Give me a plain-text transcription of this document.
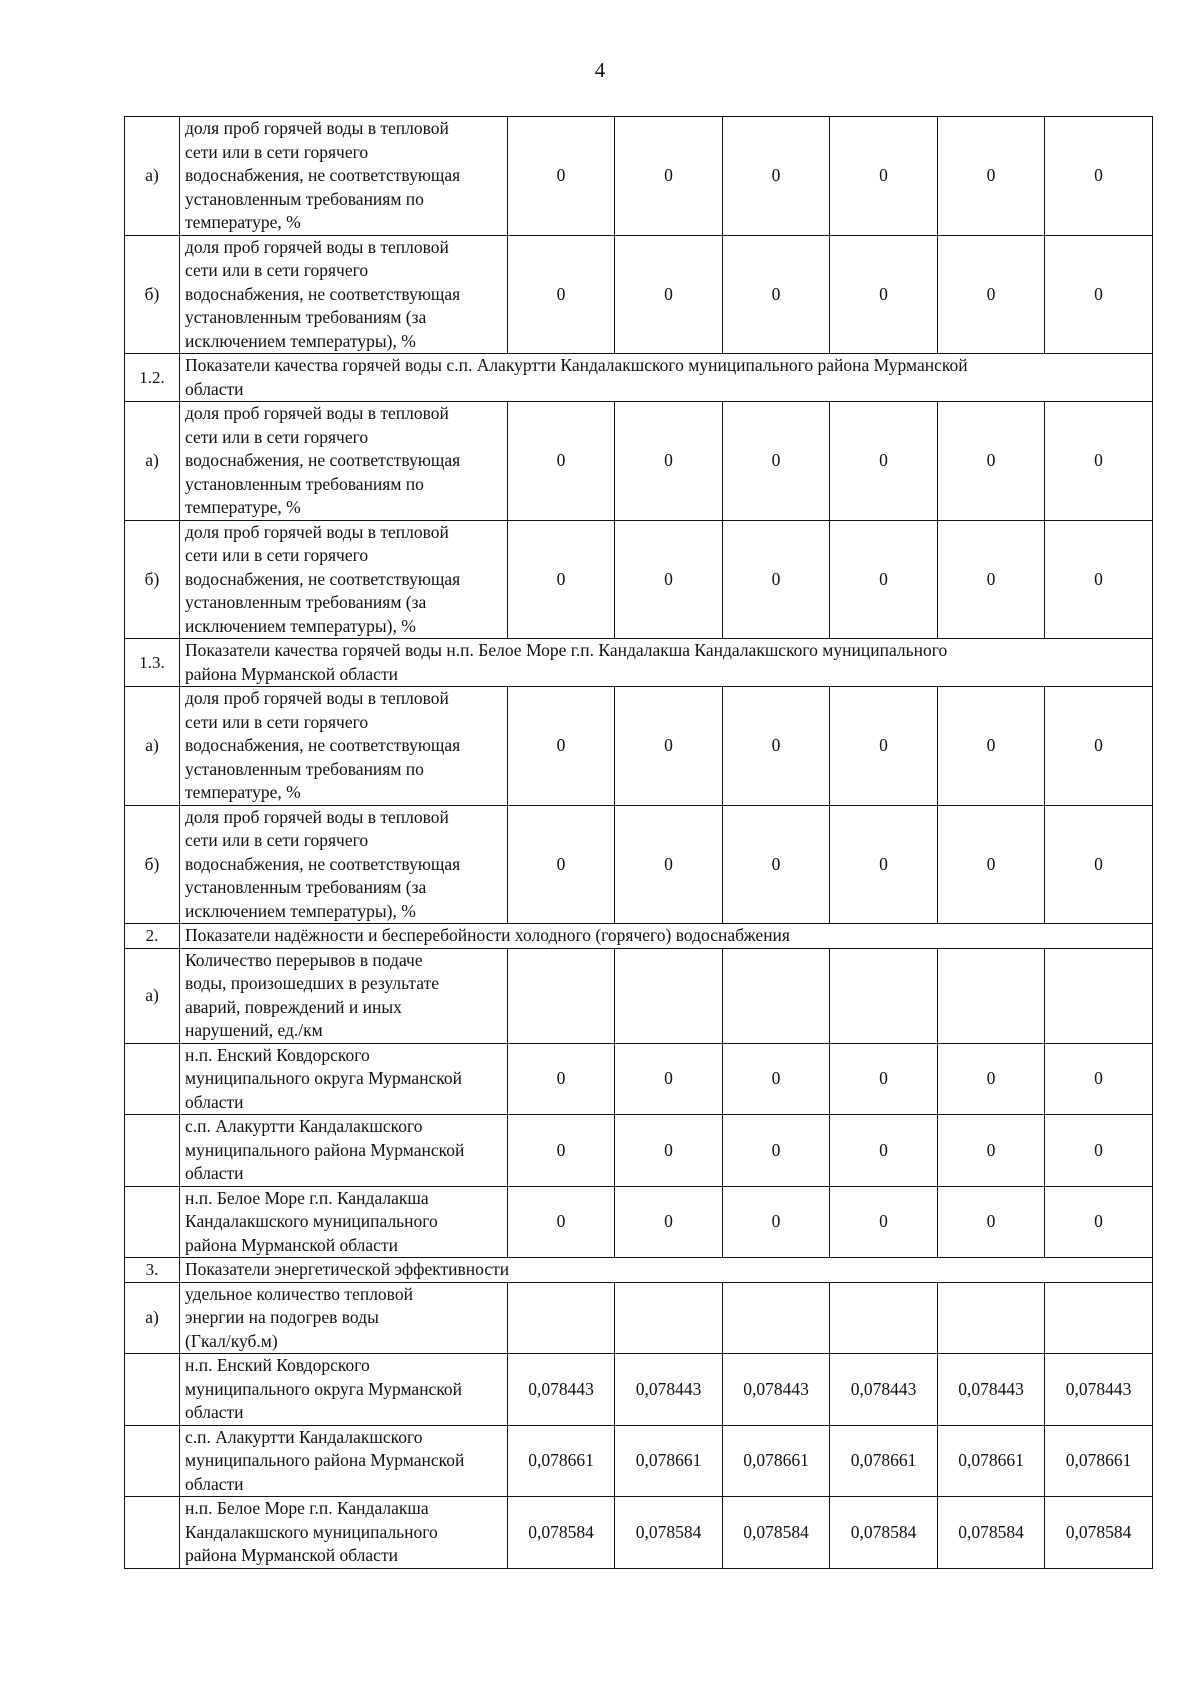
4
а)	доля проб горячей воды в тепловой
сети или в сети горячего
водоснабжения, не соответствующая
установленным требованиям по
температуре, %	0	0	0	0	0	0
б)	доля проб горячей воды в тепловой
сети или в сети горячего
водоснабжения, не соответствующая
установленным требованиям (за
исключением температуры), %	0	0	0	0	0	0
1.2.	Показатели качества горячей воды с.п. Алакуртти Кандалакшского муниципального района Мурманской
области						
а)	доля проб горячей воды в тепловой
сети или в сети горячего
водоснабжения, не соответствующая
установленным требованиям по
температуре, %	0	0	0	0	0	0
б)	доля проб горячей воды в тепловой
сети или в сети горячего
водоснабжения, не соответствующая
установленным требованиям (за
исключением температуры), %	0	0	0	0	0	0
1.3.	Показатели качества горячей воды н.п. Белое Море г.п. Кандалакша Кандалакшского муниципального
района Мурманской области						
а)	доля проб горячей воды в тепловой
сети или в сети горячего
водоснабжения, не соответствующая
установленным требованиям по
температуре, %	0	0	0	0	0	0
б)	доля проб горячей воды в тепловой
сети или в сети горячего
водоснабжения, не соответствующая
установленным требованиям (за
исключением температуры), %	0	0	0	0	0	0
2.	Показатели надёжности и бесперебойности холодного (горячего) водоснабжения						
а)	Количество перерывов в подаче
воды, произошедших в результате
аварий, повреждений и иных
нарушений, ед./км						
	н.п. Енский Ковдорского
муниципального округа Мурманской
области	0	0	0	0	0	0
	с.п. Алакуртти Кандалакшского
муниципального района Мурманской
области	0	0	0	0	0	0
	н.п. Белое Море г.п. Кандалакша
Кандалакшского муниципального
района Мурманской области	0	0	0	0	0	0
3.	Показатели энергетической эффективности						
а)	удельное количество тепловой
энергии на подогрев воды
(Гкал/куб.м)						
	н.п. Енский Ковдорского
муниципального округа Мурманской
области	0,078443	0,078443	0,078443	0,078443	0,078443	0,078443
	с.п. Алакуртти Кандалакшского
муниципального района Мурманской
области	0,078661	0,078661	0,078661	0,078661	0,078661	0,078661
	н.п. Белое Море г.п. Кандалакша
Кандалакшского муниципального
района Мурманской области	0,078584	0,078584	0,078584	0,078584	0,078584	0,078584
